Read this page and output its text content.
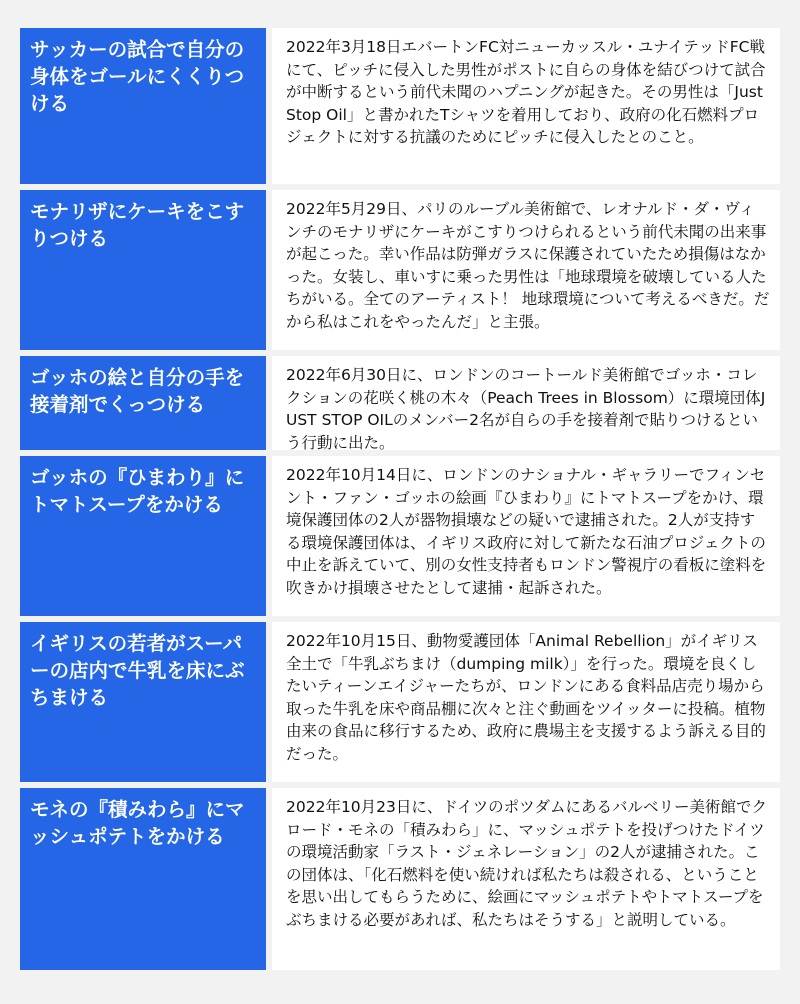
サッカーの試合で自分の身体をゴールにくくりつける
2022年3月18日エバートンFC対ニューカッスル・ユナイテッドFC戦にて、ピッチに侵入した男性がポストに自らの身体を結びつけて試合が中断するという前代未聞のハプニングが起きた。その男性は「Just Stop Oil」と書かれたTシャツを着用しており、政府の化石燃料プロジェクトに対する抗議のためにピッチに侵入したとのこと。
モナリザにケーキをこすりつける
2022年5月29日、パリのルーブル美術館で、レオナルド・ダ・ヴィンチのモナリザにケーキがこすりつけられるという前代未聞の出来事が起こった。幸い作品は防弾ガラスに保護されていたため損傷はなかった。女装し、車いすに乗った男性は「地球環境を破壊している人たちがいる。全てのアーティスト！ 地球環境について考えるべきだ。だから私はこれをやったんだ」と主張。
ゴッホの絵と自分の手を接着剤でくっつける
2022年6月30日に、ロンドンのコートールド美術館でゴッホ・コレクションの花咲く桃の木々（Peach Trees in Blossom）に環境団体JUST STOP OILのメンバー2名が自らの手を接着剤で貼りつけるという行動に出た。
ゴッホの『ひまわり』にトマトスープをかける
2022年10月14日に、ロンドンのナショナル・ギャラリーでフィンセント・ファン・ゴッホの絵画『ひまわり』にトマトスープをかけ、環境保護団体の2人が器物損壊などの疑いで逮捕された。2人が支持する環境保護団体は、イギリス政府に対して新たな石油プロジェクトの中止を訴えていて、別の女性支持者もロンドン警視庁の看板に塗料を吹きかけ損壊させたとして逮捕・起訴された。
イギリスの若者がスーパーの店内で牛乳を床にぶちまける
2022年10月15日、動物愛護団体「Animal Rebellion」がイギリス全土で「牛乳ぶちまけ（dumping milk）」を行った。環境を良くしたいティーンエイジャーたちが、ロンドンにある食料品店売り場から取った牛乳を床や商品棚に次々と注ぐ動画をツイッターに投稿。植物由来の食品に移行するため、政府に農場主を支援するよう訴える目的だった。
モネの『積みわら』にマッシュポテトをかける
2022年10月23日に、ドイツのポツダムにあるバルベリー美術館でクロード・モネの「積みわら」に、マッシュポテトを投げつけたドイツの環境活動家「ラスト・ジェネレーション」の2人が逮捕された。この団体は、「化石燃料を使い続ければ私たちは殺される、ということを思い出してもらうために、絵画にマッシュポテトやトマトスープをぶちまける必要があれば、私たちはそうする」と説明している。
